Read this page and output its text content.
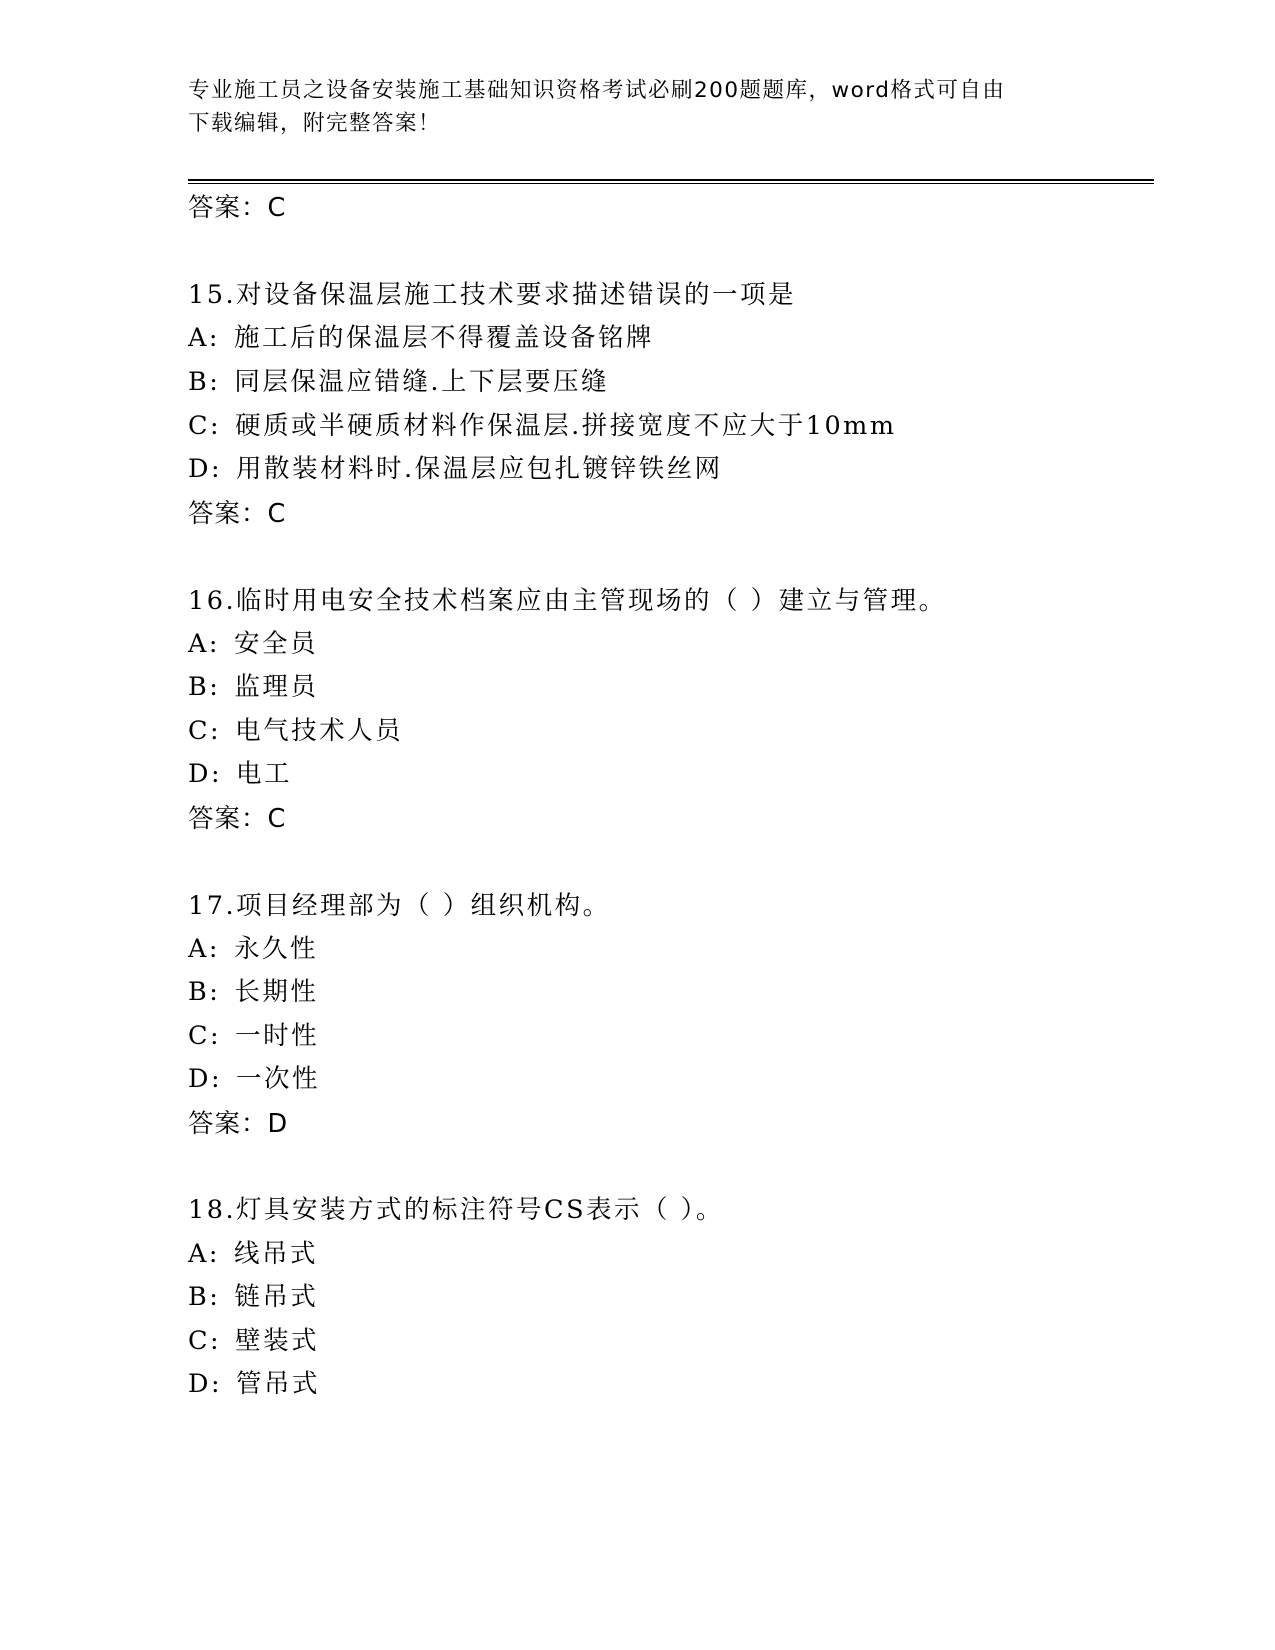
专业施工员之设备安装施工基础知识资格考试必刷200题题库，word格式可自由
下载编辑，附完整答案！
答案：C
15.对设备保温层施工技术要求描述错误的一项是
A: 施工后的保温层不得覆盖设备铭牌
B: 同层保温应错缝.上下层要压缝
C: 硬质或半硬质材料作保温层.拼接宽度不应大于10mm
D: 用散装材料时.保温层应包扎镀锌铁丝网
答案：C
16.临时用电安全技术档案应由主管现场的（ ）建立与管理。
A: 安全员
B: 监理员
C: 电气技术人员
D: 电工
答案：C
17.项目经理部为（ ）组织机构。
A: 永久性
B: 长期性
C: 一时性
D: 一次性
答案：D
18.灯具安装方式的标注符号CS表示（ ）。
A: 线吊式
B: 链吊式
C: 壁装式
D: 管吊式
